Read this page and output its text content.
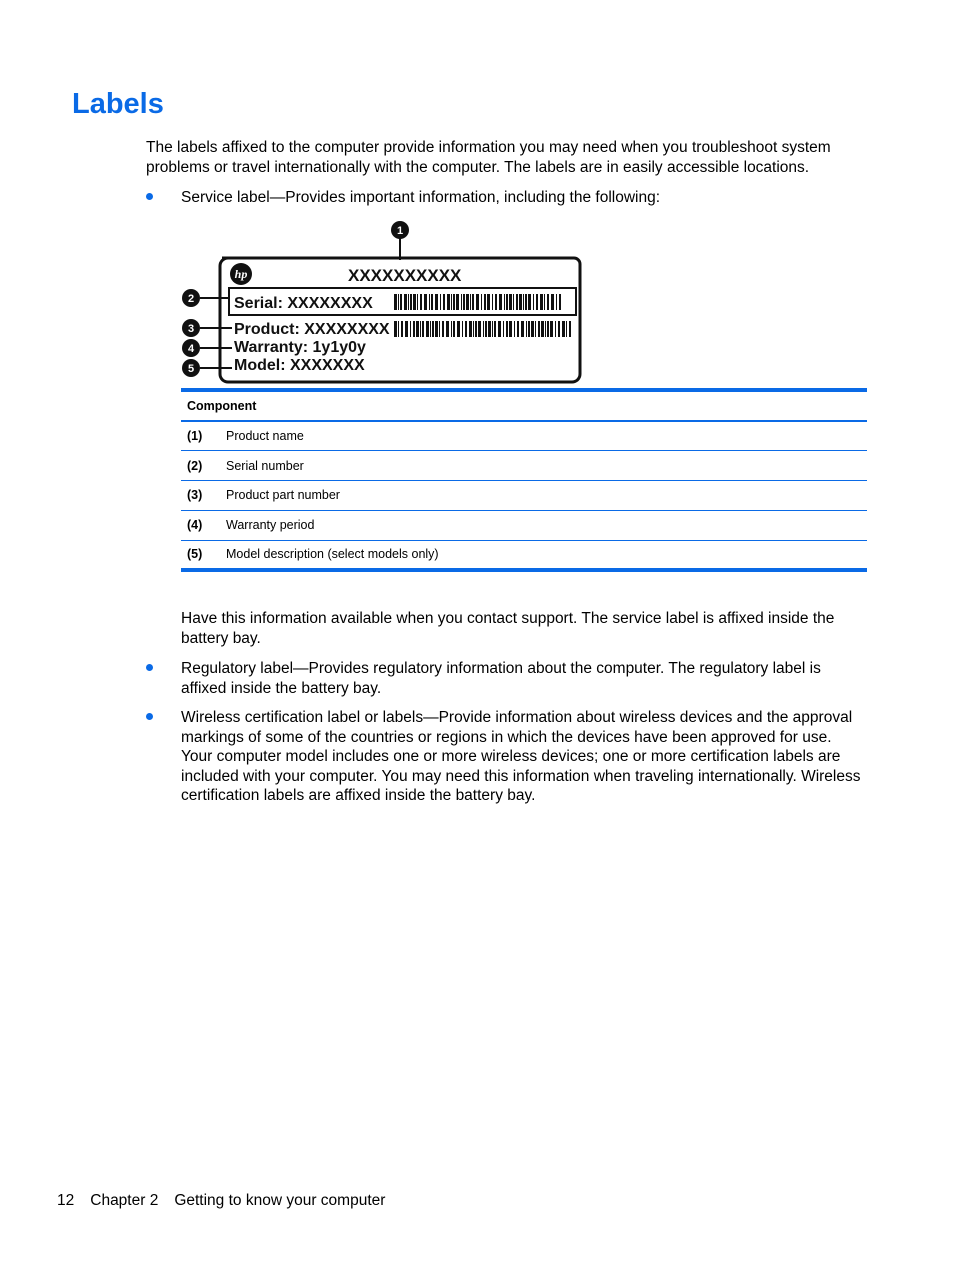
Labels

The labels affixed to the computer provide information you may need when you troubleshoot system problems or travel internationally with the computer. The labels are in easily accessible locations.

Service label—Provides important information, including the following:
hp	XXXXXXXXXX
Serial: XXXXXXXX
Product: XXXXXXXX
Warranty: 1y1y0y
Model: XXXXXXX
1
2
3
4
5
Component	
(1)	Product name
(2)	Serial number
(3)	Product part number
(4)	Warranty period
(5)	Model description (select models only)

Have this information available when you contact support. The service label is affixed inside the battery bay.

Regulatory label—Provides regulatory information about the computer. The regulatory label is affixed inside the battery bay.
Wireless certification label or labels—Provide information about wireless devices and the approval markings of some of the countries or regions in which the devices have been approved for use. Your computer model includes one or more wireless devices; one or more certification labels are included with your computer. You may need this information when traveling internationally. Wireless certification labels are affixed inside the battery bay.
12 Chapter 2 Getting to know your computer
